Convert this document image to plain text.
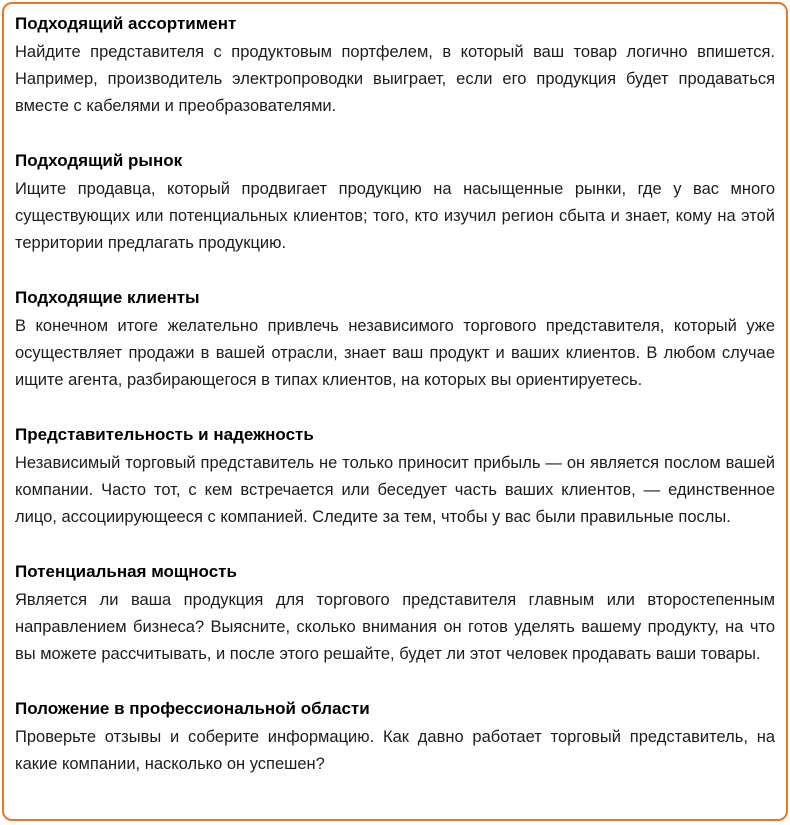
Подходящий ассортимент

Найдите представителя с продуктовым портфелем, в который ваш товар логично впишется. Например, производитель электропроводки выиграет, если его продукция будет продаваться вместе с кабелями и преобразователями.

Подходящий рынок

Ищите продавца, который продвигает продукцию на насыщенные рынки, где у вас много существующих или потенциальных клиентов; того, кто изучил регион сбыта и знает, кому на этой территории предлагать продукцию.

Подходящие клиенты

В конечном итоге желательно привлечь независимого торгового представителя, который уже осуществляет продажи в вашей отрасли, знает ваш продукт и ваших клиентов. В любом случае ищите агента, разбирающегося в типах клиентов, на которых вы ориентируетесь.

Представительность и надежность

Независимый торговый представитель не только приносит прибыль — он является послом вашей компании. Часто тот, с кем встречается или беседует часть ваших клиентов, — единственное лицо, ассоциирующееся с компанией. Следите за тем, чтобы у вас были правильные послы.

Потенциальная мощность

Является ли ваша продукция для торгового представителя главным или второстепенным направлением бизнеса? Выясните, сколько внимания он готов уделять вашему продукту, на что вы можете рассчитывать, и после этого решайте, будет ли этот человек продавать ваши товары.

Положение в профессиональной области

Проверьте отзывы и соберите информацию. Как давно работает торговый представитель, на какие компании, насколько он успешен?
